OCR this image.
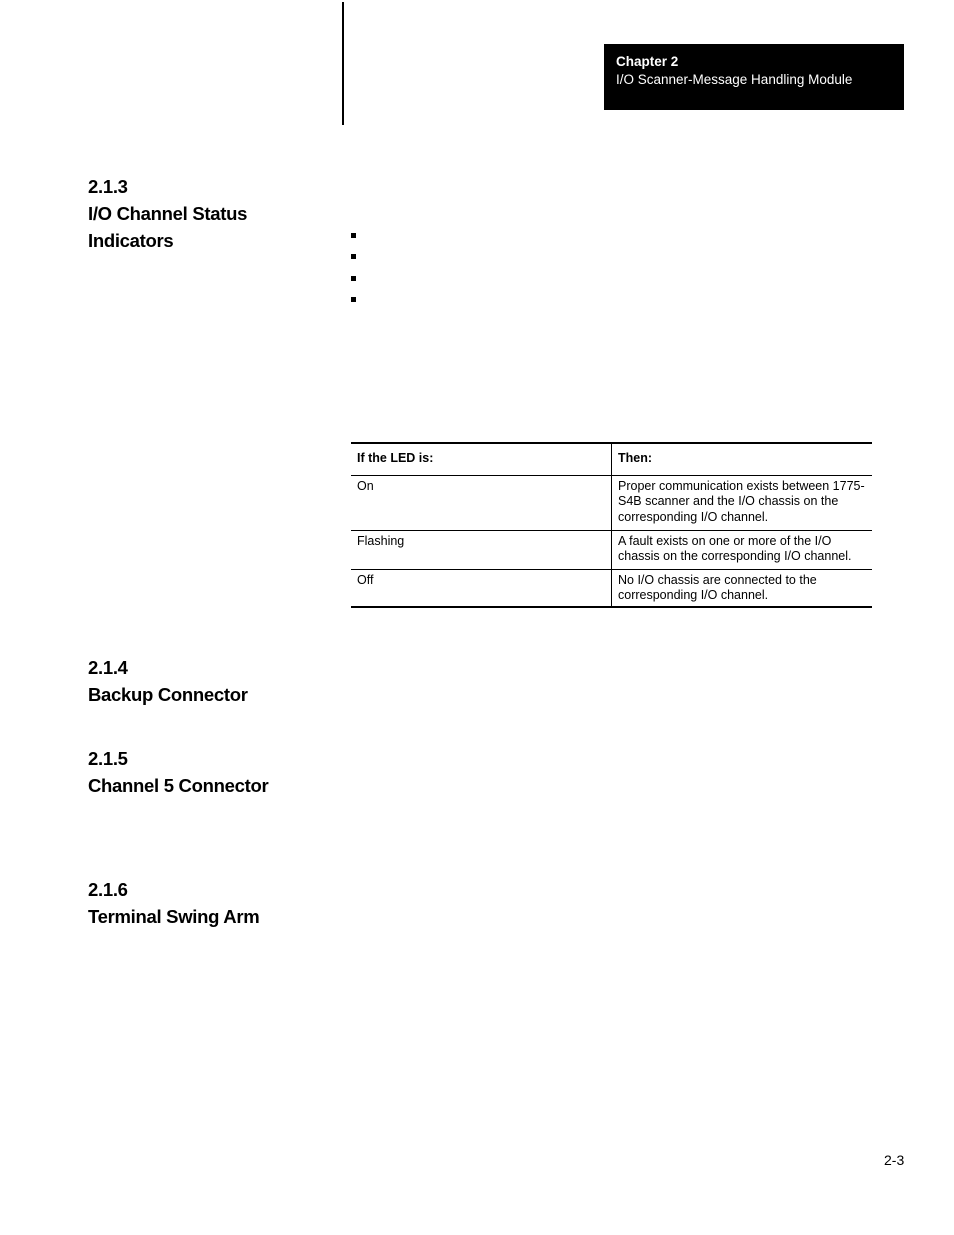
Chapter 2
I/O Scanner-Message Handling Module
2.1.3
I/O Channel Status
Indicators
If the LED is:	Then:
On	Proper communication exists between 1775-S4B scanner and the I/O chassis on the corresponding I/O channel.
Flashing	A fault exists on one or more of the I/O chassis on the corresponding I/O channel.
Off	No I/O chassis are connected to the corresponding I/O channel.
2.1.4
Backup Connector
2.1.5
Channel 5 Connector
2.1.6
Terminal Swing Arm
2-3
